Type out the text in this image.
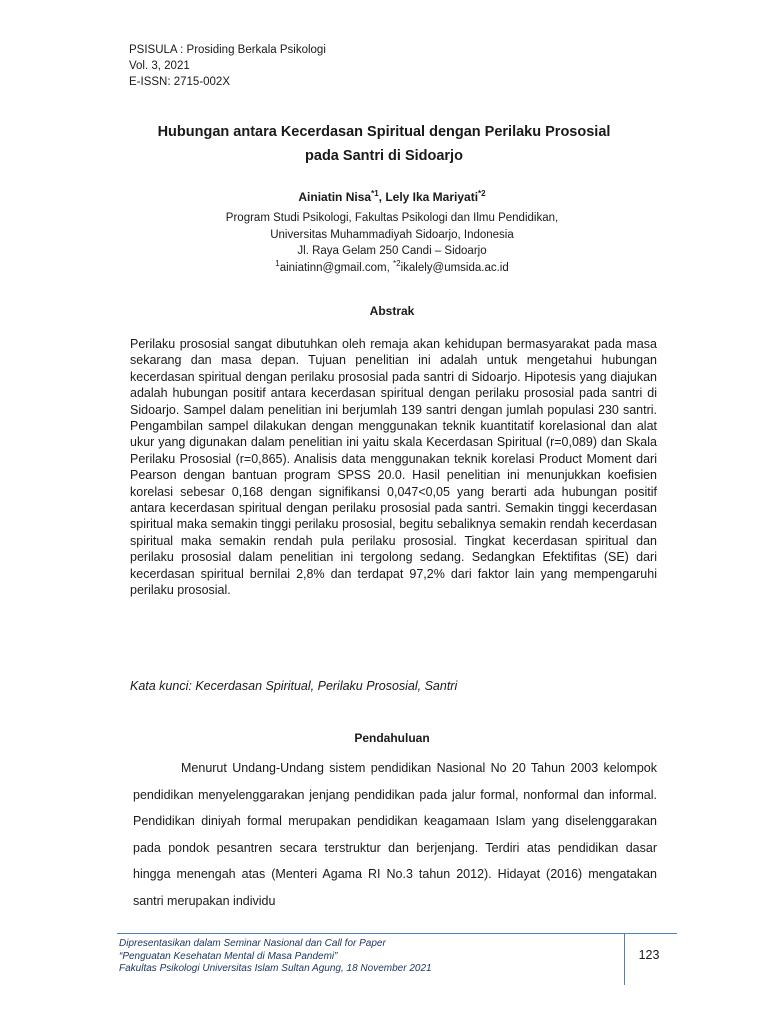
PSISULA : Prosiding Berkala Psikologi
Vol. 3, 2021
E-ISSN: 2715-002X
Hubungan antara Kecerdasan Spiritual dengan Perilaku Prososial
pada Santri di Sidoarjo
Ainiatin Nisa$^{*1}$, Lely Ika Mariyati$^{*2}$
Program Studi Psikologi, Fakultas Psikologi dan Ilmu Pendidikan,
Universitas Muhammadiyah Sidoarjo, Indonesia
Jl. Raya Gelam 250 Candi – Sidoarjo
$^1$ainiatinn@gmail.com, $^{*2}$ikalely@umsida.ac.id
Abstrak

Perilaku prososial sangat dibutuhkan oleh remaja akan kehidupan bermasyarakat pada masa sekarang dan masa depan. Tujuan penelitian ini adalah untuk mengetahui hubungan kecerdasan spiritual dengan perilaku prososial pada santri di Sidoarjo. Hipotesis yang diajukan adalah hubungan positif antara kecerdasan spiritual dengan perilaku prososial pada santri di Sidoarjo. Sampel dalam penelitian ini berjumlah 139 santri dengan jumlah populasi 230 santri. Pengambilan sampel dilakukan dengan menggunakan teknik kuantitatif korelasional dan alat ukur yang digunakan dalam penelitian ini yaitu skala Kecerdasan Spiritual (r=0,089) dan Skala Perilaku Prososial (r=0,865). Analisis data menggunakan teknik korelasi Product Moment dari Pearson dengan bantuan program SPSS 20.0. Hasil penelitian ini menunjukkan koefisien korelasi sebesar 0,168 dengan signifikansi 0,047<0,05 yang berarti ada hubungan positif antara kecerdasan spiritual dengan perilaku prososial pada santri. Semakin tinggi kecerdasan spiritual maka semakin tinggi perilaku prososial, begitu sebaliknya semakin rendah kecerdasan spiritual maka semakin rendah pula perilaku prososial. Tingkat kecerdasan spiritual dan perilaku prososial dalam penelitian ini tergolong sedang. Sedangkan Efektifitas (SE) dari kecerdasan spiritual bernilai 2,8% dan terdapat 97,2% dari faktor lain yang mempengaruhi perilaku prososial.

Kata kunci: Kecerdasan Spiritual, Perilaku Prososial, Santri
Pendahuluan

Menurut Undang-Undang sistem pendidikan Nasional No 20 Tahun 2003 kelompok pendidikan menyelenggarakan jenjang pendidikan pada jalur formal, nonformal dan informal. Pendidikan diniyah formal merupakan pendidikan keagamaan Islam yang diselenggarakan pada pondok pesantren secara terstruktur dan berjenjang. Terdiri atas pendidikan dasar hingga menengah atas (Menteri Agama RI No.3 tahun 2012). Hidayat (2016) mengatakan santri merupakan individu

Dipresentasikan dalam Seminar Nasional dan Call for Paper
“Penguatan Kesehatan Mental di Masa Pandemi”
Fakultas Psikologi Universitas Islam Sultan Agung, 18 November 2021
123
